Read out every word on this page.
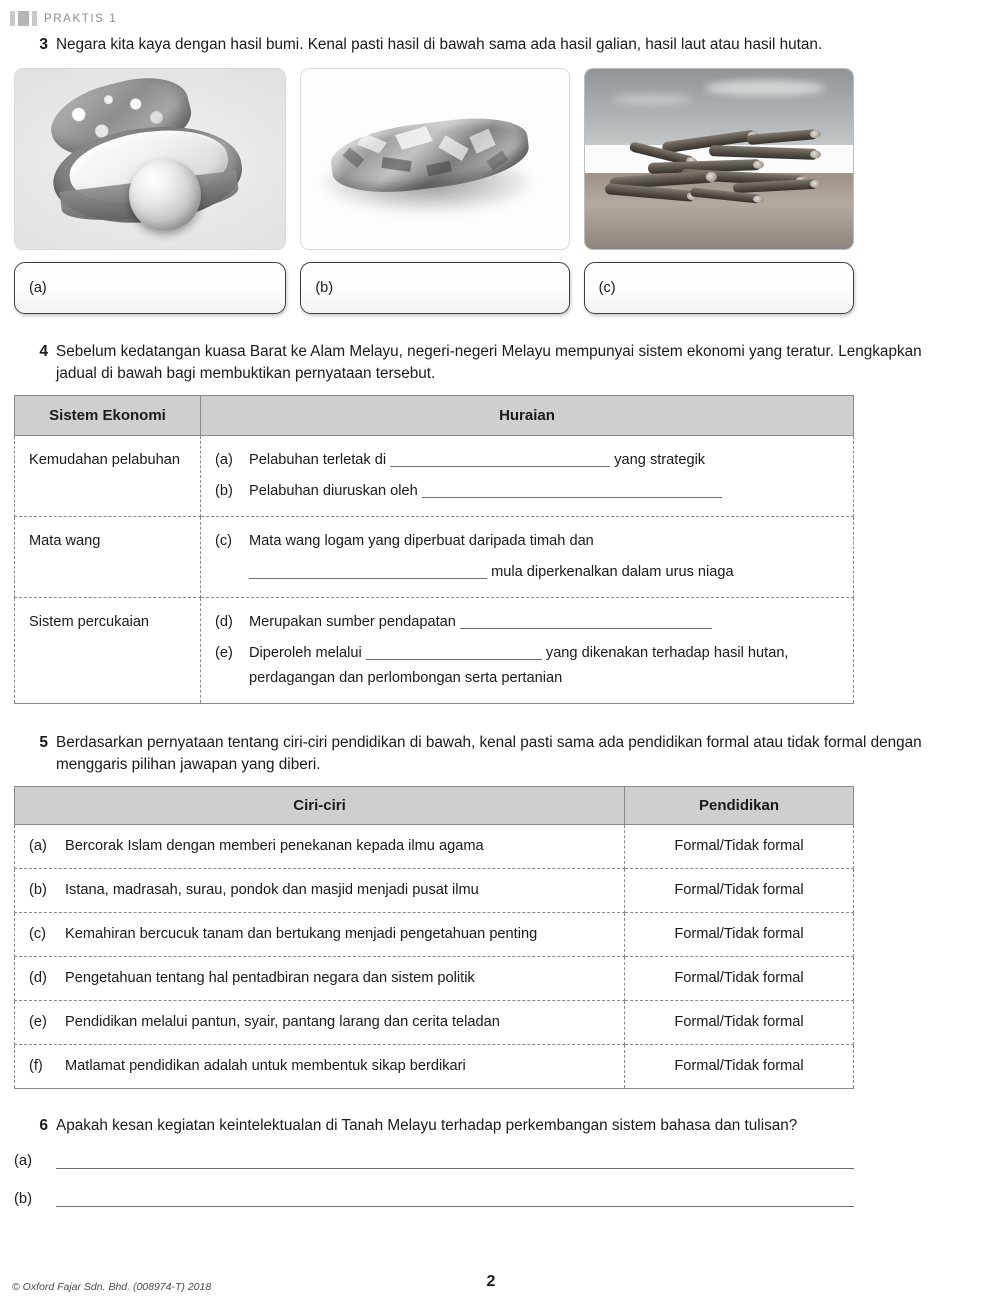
PRAKTIS 1
3 Negara kita kaya dengan hasil bumi. Kenal pasti hasil di bawah sama ada hasil galian, hasil laut atau hasil hutan.
(a)	(b)	(c)
4 Sebelum kedatangan kuasa Barat ke Alam Melayu, negeri-negeri Melayu mempunyai sistem ekonomi yang teratur. Lengkapkan jadual di bawah bagi membuktikan pernyataan tersebut.
Sistem Ekonomi	Huraian
Kemudahan pelabuhan	(a) Pelabuhan terletak di yang strategik
(b) Pelabuhan diuruskan oleh

Mata wang	(c) Mata wang logam yang diperbuat daripada timah dan
mula diperkenalkan dalam urus niaga

Sistem percukaian	(d) Merupakan sumber pendapatan
(e) Diperoleh melalui yang dikenakan terhadap hasil hutan, perdagangan dan perlombongan serta pertanian
5 Berdasarkan pernyataan tentang ciri-ciri pendidikan di bawah, kenal pasti sama ada pendidikan formal atau tidak formal dengan menggaris pilihan jawapan yang diberi.
Ciri-ciri	Pendidikan

(a) Bercorak Islam dengan memberi penekanan kepada ilmu agama	Formal/Tidak formal

(b) Istana, madrasah, surau, pondok dan masjid menjadi pusat ilmu	Formal/Tidak formal

(c) Kemahiran bercucuk tanam dan bertukang menjadi pengetahuan penting	Formal/Tidak formal

(d) Pengetahuan tentang hal pentadbiran negara dan sistem politik	Formal/Tidak formal

(e) Pendidikan melalui pantun, syair, pantang larang dan cerita teladan	Formal/Tidak formal

(f) Matlamat pendidikan adalah untuk membentuk sikap berdikari	Formal/Tidak formal
6 Apakah kesan kegiatan keintelektualan di Tanah Melayu terhadap perkembangan sistem bahasa dan tulisan?
(a)
(b)
© Oxford Fajar Sdn. Bhd. (008974-T) 2018	2
